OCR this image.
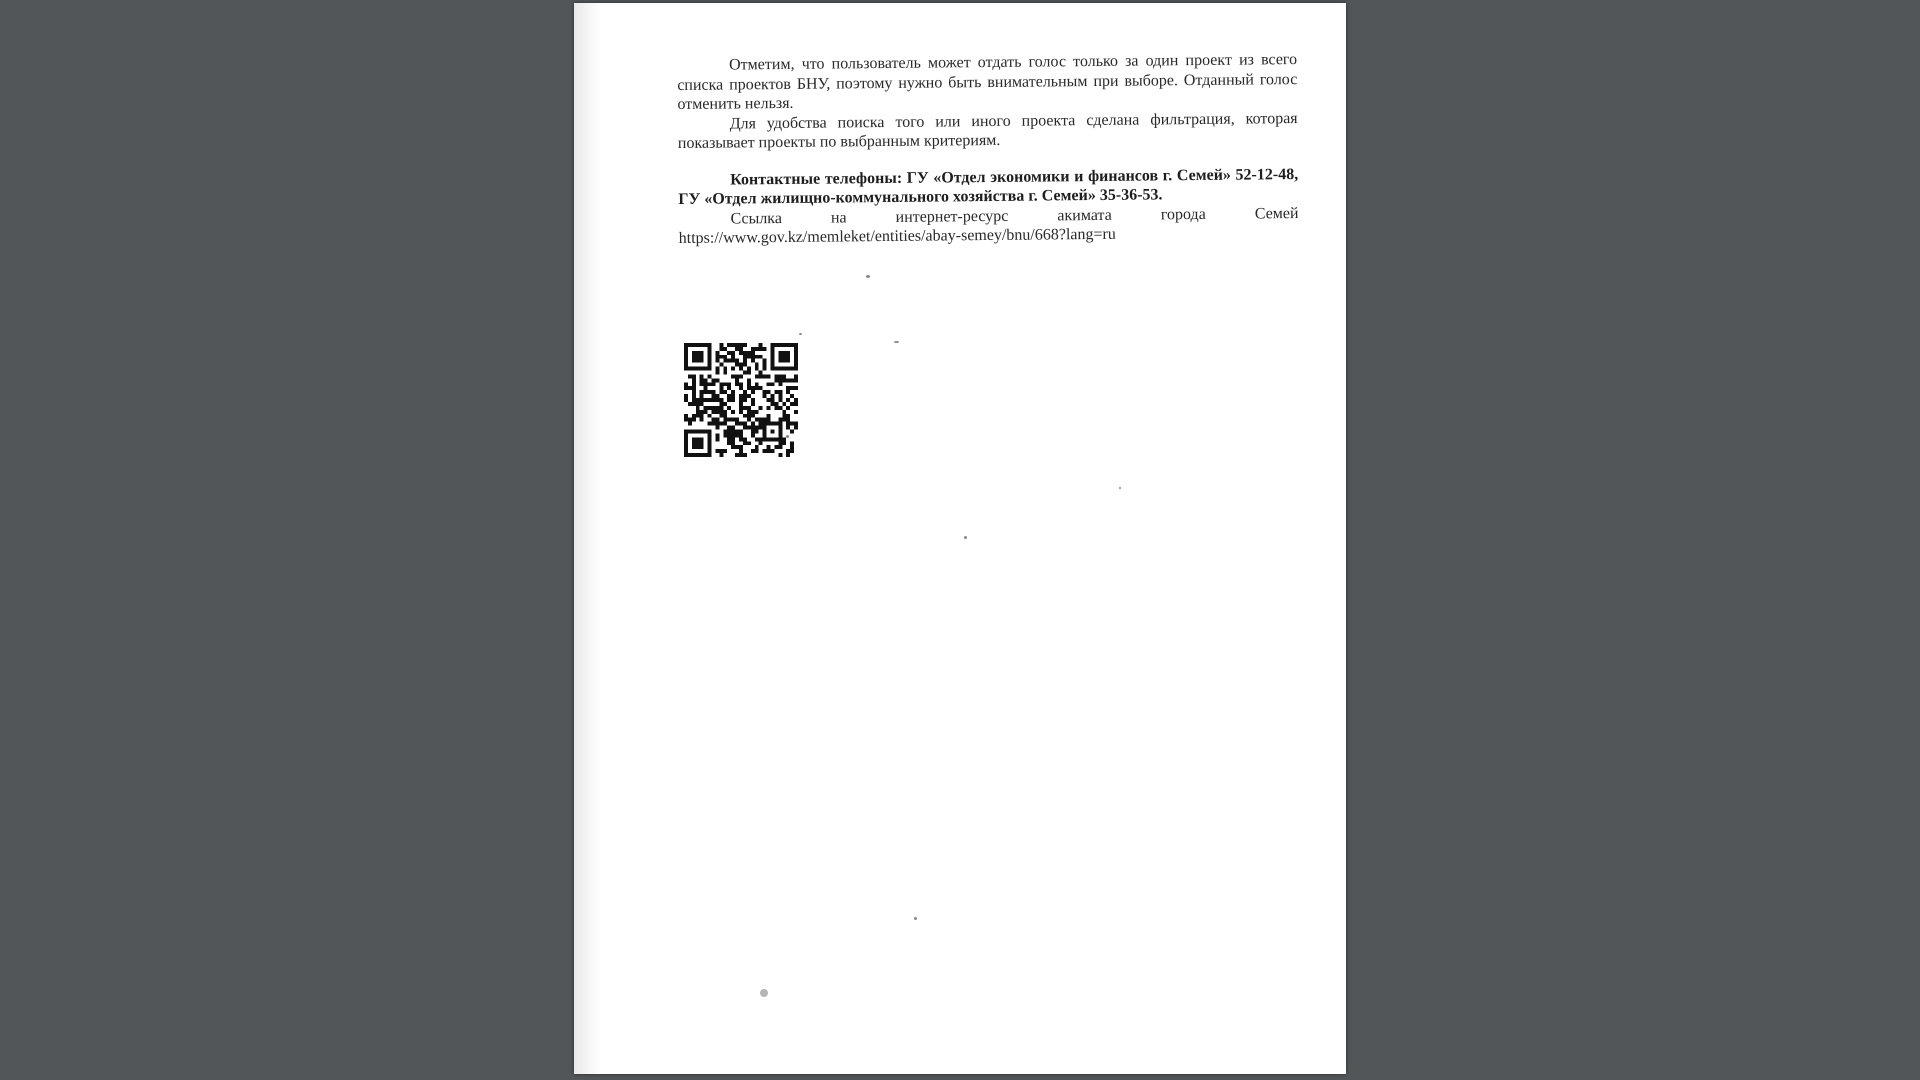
Отметим, что пользователь может отдать голос только за один проект из всего списка проектов БНУ, поэтому нужно быть внимательным при выборе. Отданный голос отменить нельзя.

Для удобства поиска того или иного проекта сделана фильтрация, которая показывает проекты по выбранным критериям.

Контактные телефоны: ГУ «Отдел экономики и финансов г. Семей» 52-12-48, ГУ «Отдел жилищно-коммунального хозяйства г. Семей» 35-36-53.

Ссылка на интернет-ресурс акимата города Семей

https://www.gov.kz/memleket/entities/abay-semey/bnu/668?lang=ru
